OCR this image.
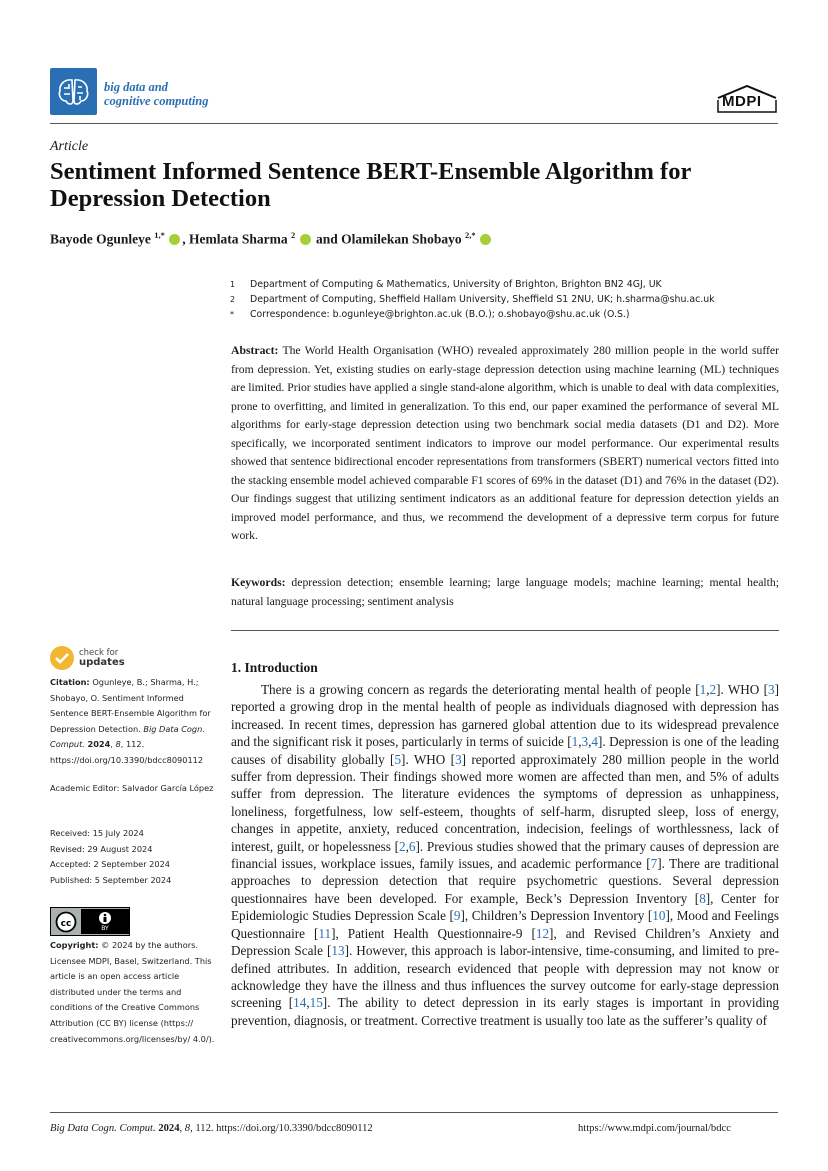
big data and
cognitive computing	MDPI
Article
Sentiment Informed Sentence BERT-Ensemble Algorithm for Depression Detection
Bayode Ogunleye $^{1,*}$ , Hemlata Sharma $^2$  and Olamilekan Shobayo $^{2,*}$
1	Department of Computing & Mathematics, University of Brighton, Brighton BN2 4GJ, UK
2	Department of Computing, Sheffield Hallam University, Sheffield S1 2NU, UK; h.sharma@shu.ac.uk
*	Correspondence: b.ogunleye@brighton.ac.uk (B.O.); o.shobayo@shu.ac.uk (O.S.)
Abstract: The World Health Organisation (WHO) revealed approximately 280 million people in the world suffer from depression. Yet, existing studies on early-stage depression detection using machine learning (ML) techniques are limited. Prior studies have applied a single stand-alone algorithm, which is unable to deal with data complexities, prone to overfitting, and limited in generalization. To this end, our paper examined the performance of several ML algorithms for early-stage depression detection using two benchmark social media datasets (D1 and D2). More specifically, we incorporated sentiment indicators to improve our model performance. Our experimental results showed that sentence bidirectional encoder representations from transformers (SBERT) numerical vectors fitted into the stacking ensemble model achieved comparable F1 scores of 69% in the dataset (D1) and 76% in the dataset (D2). Our findings suggest that utilizing sentiment indicators as an additional feature for depression detection yields an improved model performance, and thus, we recommend the development of a depressive term corpus for future work.
Keywords: depression detection; ensemble learning; large language models; machine learning; mental health; natural language processing; sentiment analysis
1. Introduction
There is a growing concern as regards the deteriorating mental health of people [1,2]. WHO [3] reported a growing drop in the mental health of people as individuals diagnosed with depression has increased. In recent times, depression has garnered global attention due to its widespread prevalence and the significant risk it poses, particularly in terms of suicide [1,3,4]. Depression is one of the leading causes of disability globally [5]. WHO [3] reported approximately 280 million people in the world suffer from depression. Their findings showed more women are affected than men, and 5% of adults suffer from depression. The literature evidences the symptoms of depression as unhappiness, loneliness, forgetfulness, low self-esteem, thoughts of self-harm, disrupted sleep, loss of energy, changes in appetite, anxiety, reduced concentration, indecision, feelings of worthlessness, lack of interest, guilt, or hopelessness [2,6]. Previous studies showed that the primary causes of depression are financial issues, workplace issues, family issues, and academic performance [7]. There are traditional approaches to depression detection that require psychometric questions. Several depression questionnaires have been developed. For example, Beck’s Depression Inventory [8], Center for Epidemiologic Studies Depression Scale [9], Children’s Depression Inventory [10], Mood and Feelings Questionnaire [11], Patient Health Questionnaire-9 [12], and Revised Children’s Anxiety and Depression Scale [13]. However, this approach is labor-intensive, time-consuming, and limited to pre-defined attributes. In addition, research evidenced that people with depression may not know or acknowledge they have the illness and thus influences the survey outcome for early-stage depression screening [14,15]. The ability to detect depression in its early stages is important in providing prevention, diagnosis, or treatment. Corrective treatment is usually too late as the sufferer’s quality of
check for
updates
Citation: Ogunleye, B.; Sharma, H.; Shobayo, O. Sentiment Informed Sentence BERT-Ensemble Algorithm for Depression Detection. Big Data Cogn. Comput. 2024, 8, 112. https://doi.org/10.3390/bdcc8090112
Academic Editor: Salvador García López
Received: 15 July 2024
Revised: 29 August 2024
Accepted: 2 September 2024
Published: 5 September 2024
cc	BY
Copyright: © 2024 by the authors. Licensee MDPI, Basel, Switzerland. This article is an open access article distributed under the terms and conditions of the Creative Commons Attribution (CC BY) license (https:// creativecommons.org/licenses/by/ 4.0/).
Big Data Cogn. Comput. 2024, 8, 112. https://doi.org/10.3390/bdcc8090112	https://www.mdpi.com/journal/bdcc
